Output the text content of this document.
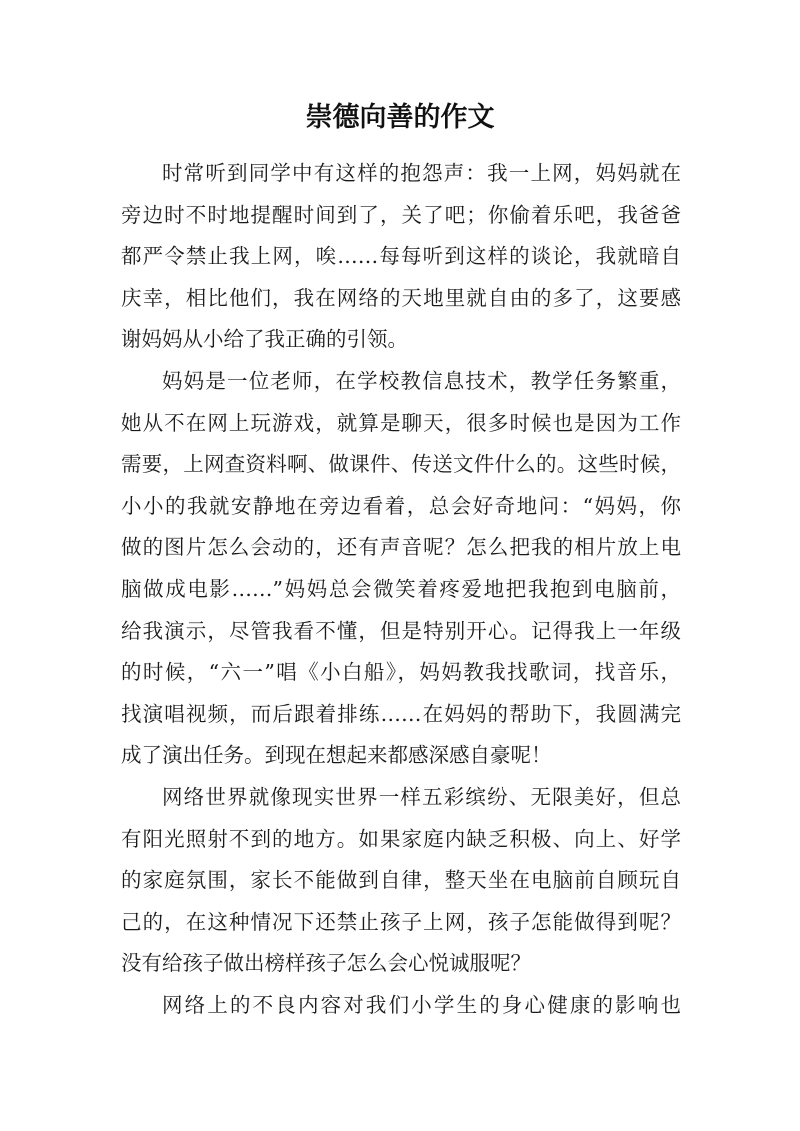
崇德向善的作文

时常听到同学中有这样的抱怨声：我一上网，妈妈就在
旁边时不时地提醒时间到了，关了吧；你偷着乐吧，我爸爸
都严令禁止我上网，唉……每每听到这样的谈论，我就暗自
庆幸，相比他们，我在网络的天地里就自由的多了，这要感
谢妈妈从小给了我正确的引领。

妈妈是一位老师，在学校教信息技术，教学任务繁重，
她从不在网上玩游戏，就算是聊天，很多时候也是因为工作
需要，上网查资料啊、做课件、传送文件什么的。这些时候，
小小的我就安静地在旁边看着，总会好奇地问：“妈妈，你
做的图片怎么会动的，还有声音呢？怎么把我的相片放上电
脑做成电影……”妈妈总会微笑着疼爱地把我抱到电脑前，
给我演示，尽管我看不懂，但是特别开心。记得我上一年级
的时候，“六一”唱《小白船》，妈妈教我找歌词，找音乐，
找演唱视频，而后跟着排练……在妈妈的帮助下，我圆满完
成了演出任务。到现在想起来都感深感自豪呢！

网络世界就像现实世界一样五彩缤纷、无限美好，但总
有阳光照射不到的地方。如果家庭内缺乏积极、向上、好学
的家庭氛围，家长不能做到自律，整天坐在电脑前自顾玩自
己的，在这种情况下还禁止孩子上网，孩子怎能做得到呢？
没有给孩子做出榜样孩子怎么会心悦诚服呢？

网络上的不良内容对我们小学生的身心健康的影响也
